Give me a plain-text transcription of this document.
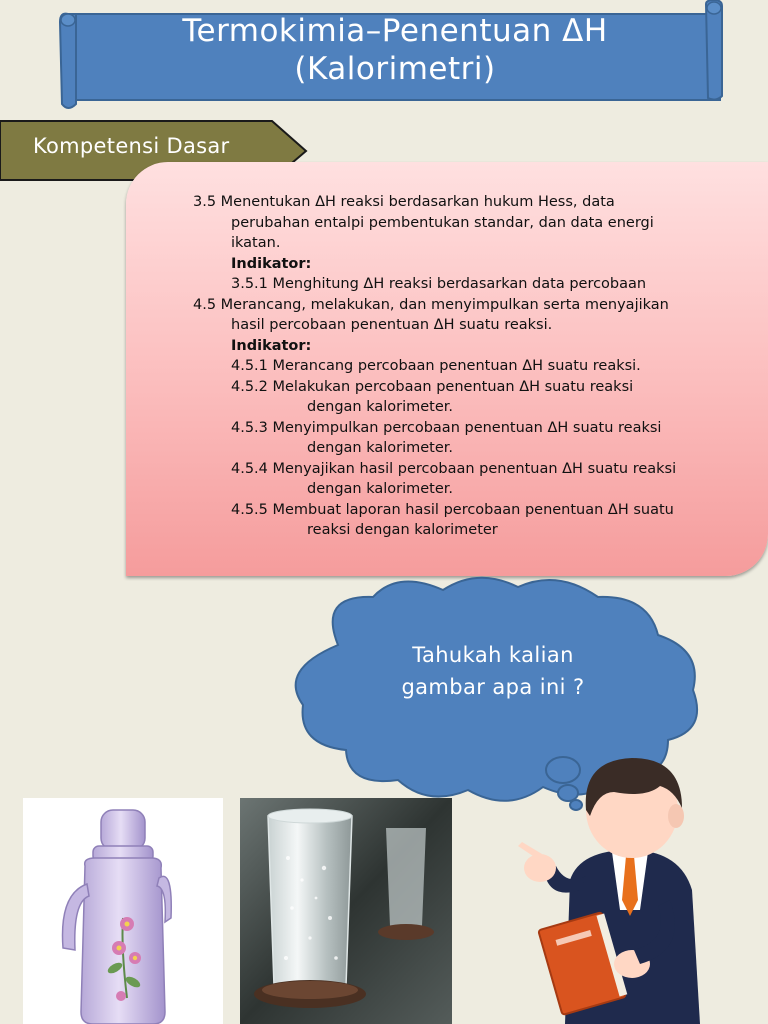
Termokimia–Penentuan ΔH
(Kalorimetri)
Kompetensi Dasar
3.5 Menentukan ΔH reaksi berdasarkan hukum Hess, data
perubahan entalpi pembentukan standar, dan data energi
ikatan.
Indikator:
3.5.1 Menghitung ΔH reaksi berdasarkan data percobaan
4.5 Merancang, melakukan, dan menyimpulkan serta menyajikan
hasil percobaan penentuan ΔH suatu reaksi.
Indikator:
4.5.1 Merancang percobaan penentuan ΔH suatu reaksi.
4.5.2 Melakukan percobaan penentuan ΔH suatu reaksi
dengan kalorimeter.
4.5.3 Menyimpulkan percobaan penentuan ΔH suatu reaksi
dengan kalorimeter.
4.5.4 Menyajikan hasil percobaan penentuan ΔH suatu reaksi
dengan kalorimeter.
4.5.5 Membuat laporan hasil percobaan penentuan ΔH suatu
reaksi dengan kalorimeter
Tahukah kalian
gambar apa ini ?
